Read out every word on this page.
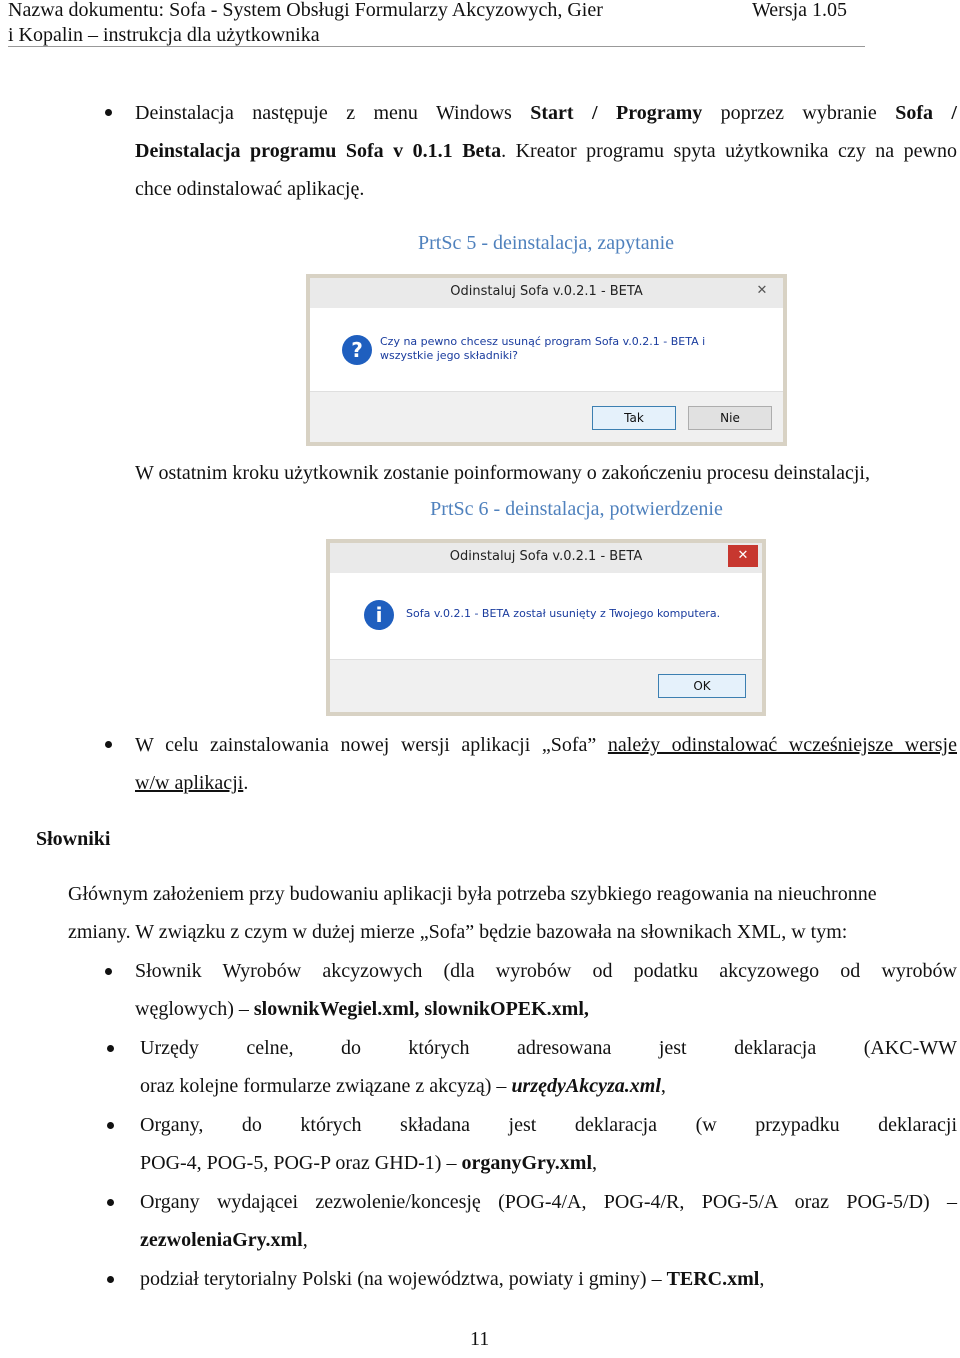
Nazwa dokumentu: Sofa - System Obsługi Formularzy Akcyzowych, Gier
i Kopalin – instrukcja dla użytkownika
Wersja 1.05
Deinstalacja następuje z menu Windows Start / Programy poprzez wybranie Sofa /
Deinstalacja programu Sofa v 0.1.1 Beta. Kreator programu spyta użytkownika czy na pewno
chce odinstalować aplikację.
PrtSc 5 - deinstalacja, zapytanie
Odinstaluj Sofa v.0.2.1 - BETA	✕
?	Czy na pewno chcesz usunąć program Sofa v.0.2.1 - BETA i wszystkie jego składniki?
Tak	Nie
W ostatnim kroku użytkownik zostanie poinformowany o zakończeniu procesu deinstalacji,
PrtSc 6 - deinstalacja, potwierdzenie
Odinstaluj Sofa v.0.2.1 - BETA	✕
i	Sofa v.0.2.1 - BETA został usunięty z Twojego komputera.
OK
W celu zainstalowania nowej wersji aplikacji „Sofa” należy odinstalować wcześniejsze wersje
w/w aplikacji.
Słowniki
Głównym założeniem przy budowaniu aplikacji była potrzeba szybkiego reagowania na nieuchronne
zmiany. W związku z czym w dużej mierze „Sofa” będzie bazowała na słownikach XML, w tym:
Słownik Wyrobów akcyzowych (dla wyrobów od podatku akcyzowego od wyrobów
węglowych) – slownikWegiel.xml, slownikOPEK.xml,
Urzędy celne, do których adresowana jest deklaracja (AKC-WW
oraz kolejne formularze związane z akcyzą) – urzędyAkcyza.xml,
Organy, do których składana jest deklaracja (w przypadku deklaracji
POG-4, POG-5, POG-P oraz GHD-1) – organyGry.xml,
Organy wydającei zezwolenie/koncesję (POG-4/A, POG-4/R, POG-5/A oraz POG-5/D) –
zezwoleniaGry.xml,
podział terytorialny Polski (na województwa, powiaty i gminy) – TERC.xml,
11
